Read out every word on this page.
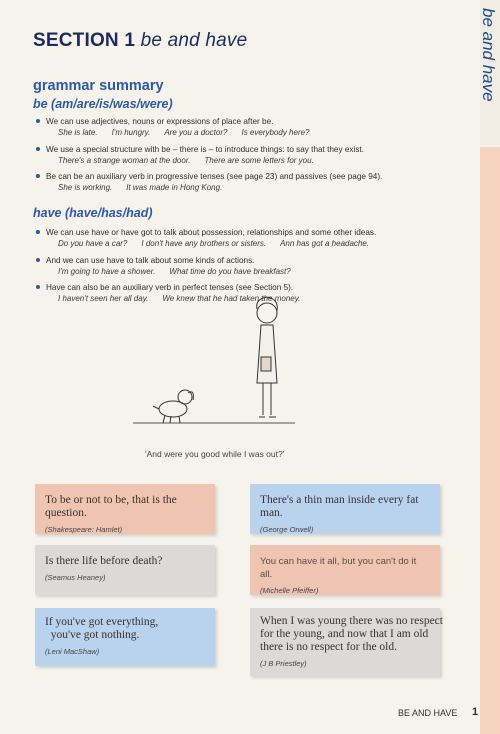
be and have
SECTION 1 be and have
grammar summary
be (am/are/is/was/were)
We can use adjectives, nouns or expressions of place after be.
She is late. I'm hungry. Are you a doctor? Is everybody here?
We use a special structure with be – there is – to introduce things: to say that they exist.
There's a strange woman at the door. There are some letters for you.
Be can be an auxiliary verb in progressive tenses (see page 23) and passives (see page 94).
She is working. It was made in Hong Kong.
have (have/has/had)
We can use have or have got to talk about possession, relationships and some other ideas.
Do you have a car? I don't have any brothers or sisters. Ann has got a headache.
And we can use have to talk about some kinds of actions.
I'm going to have a shower. What time do you have breakfast?
Have can also be an auxiliary verb in perfect tenses (see Section 5).
I haven't seen her all day. We knew that he had taken the money.
'And were you good while I was out?'
To be or not to be, that is the question.
(Shakespeare: Hamlet)
There's a thin man inside every fat man.
(George Orwell)
Is there life before death?
(Seamus Heaney)
You can have it all, but you can't do it all.
(Michelle Pfeiffer)
If you've got everything,
you've got nothing.
(Leni MacShaw)
When I was young there was no respect
for the young, and now that I am old
there is no respect for the old.
(J B Priestley)
BE AND HAVE 1
